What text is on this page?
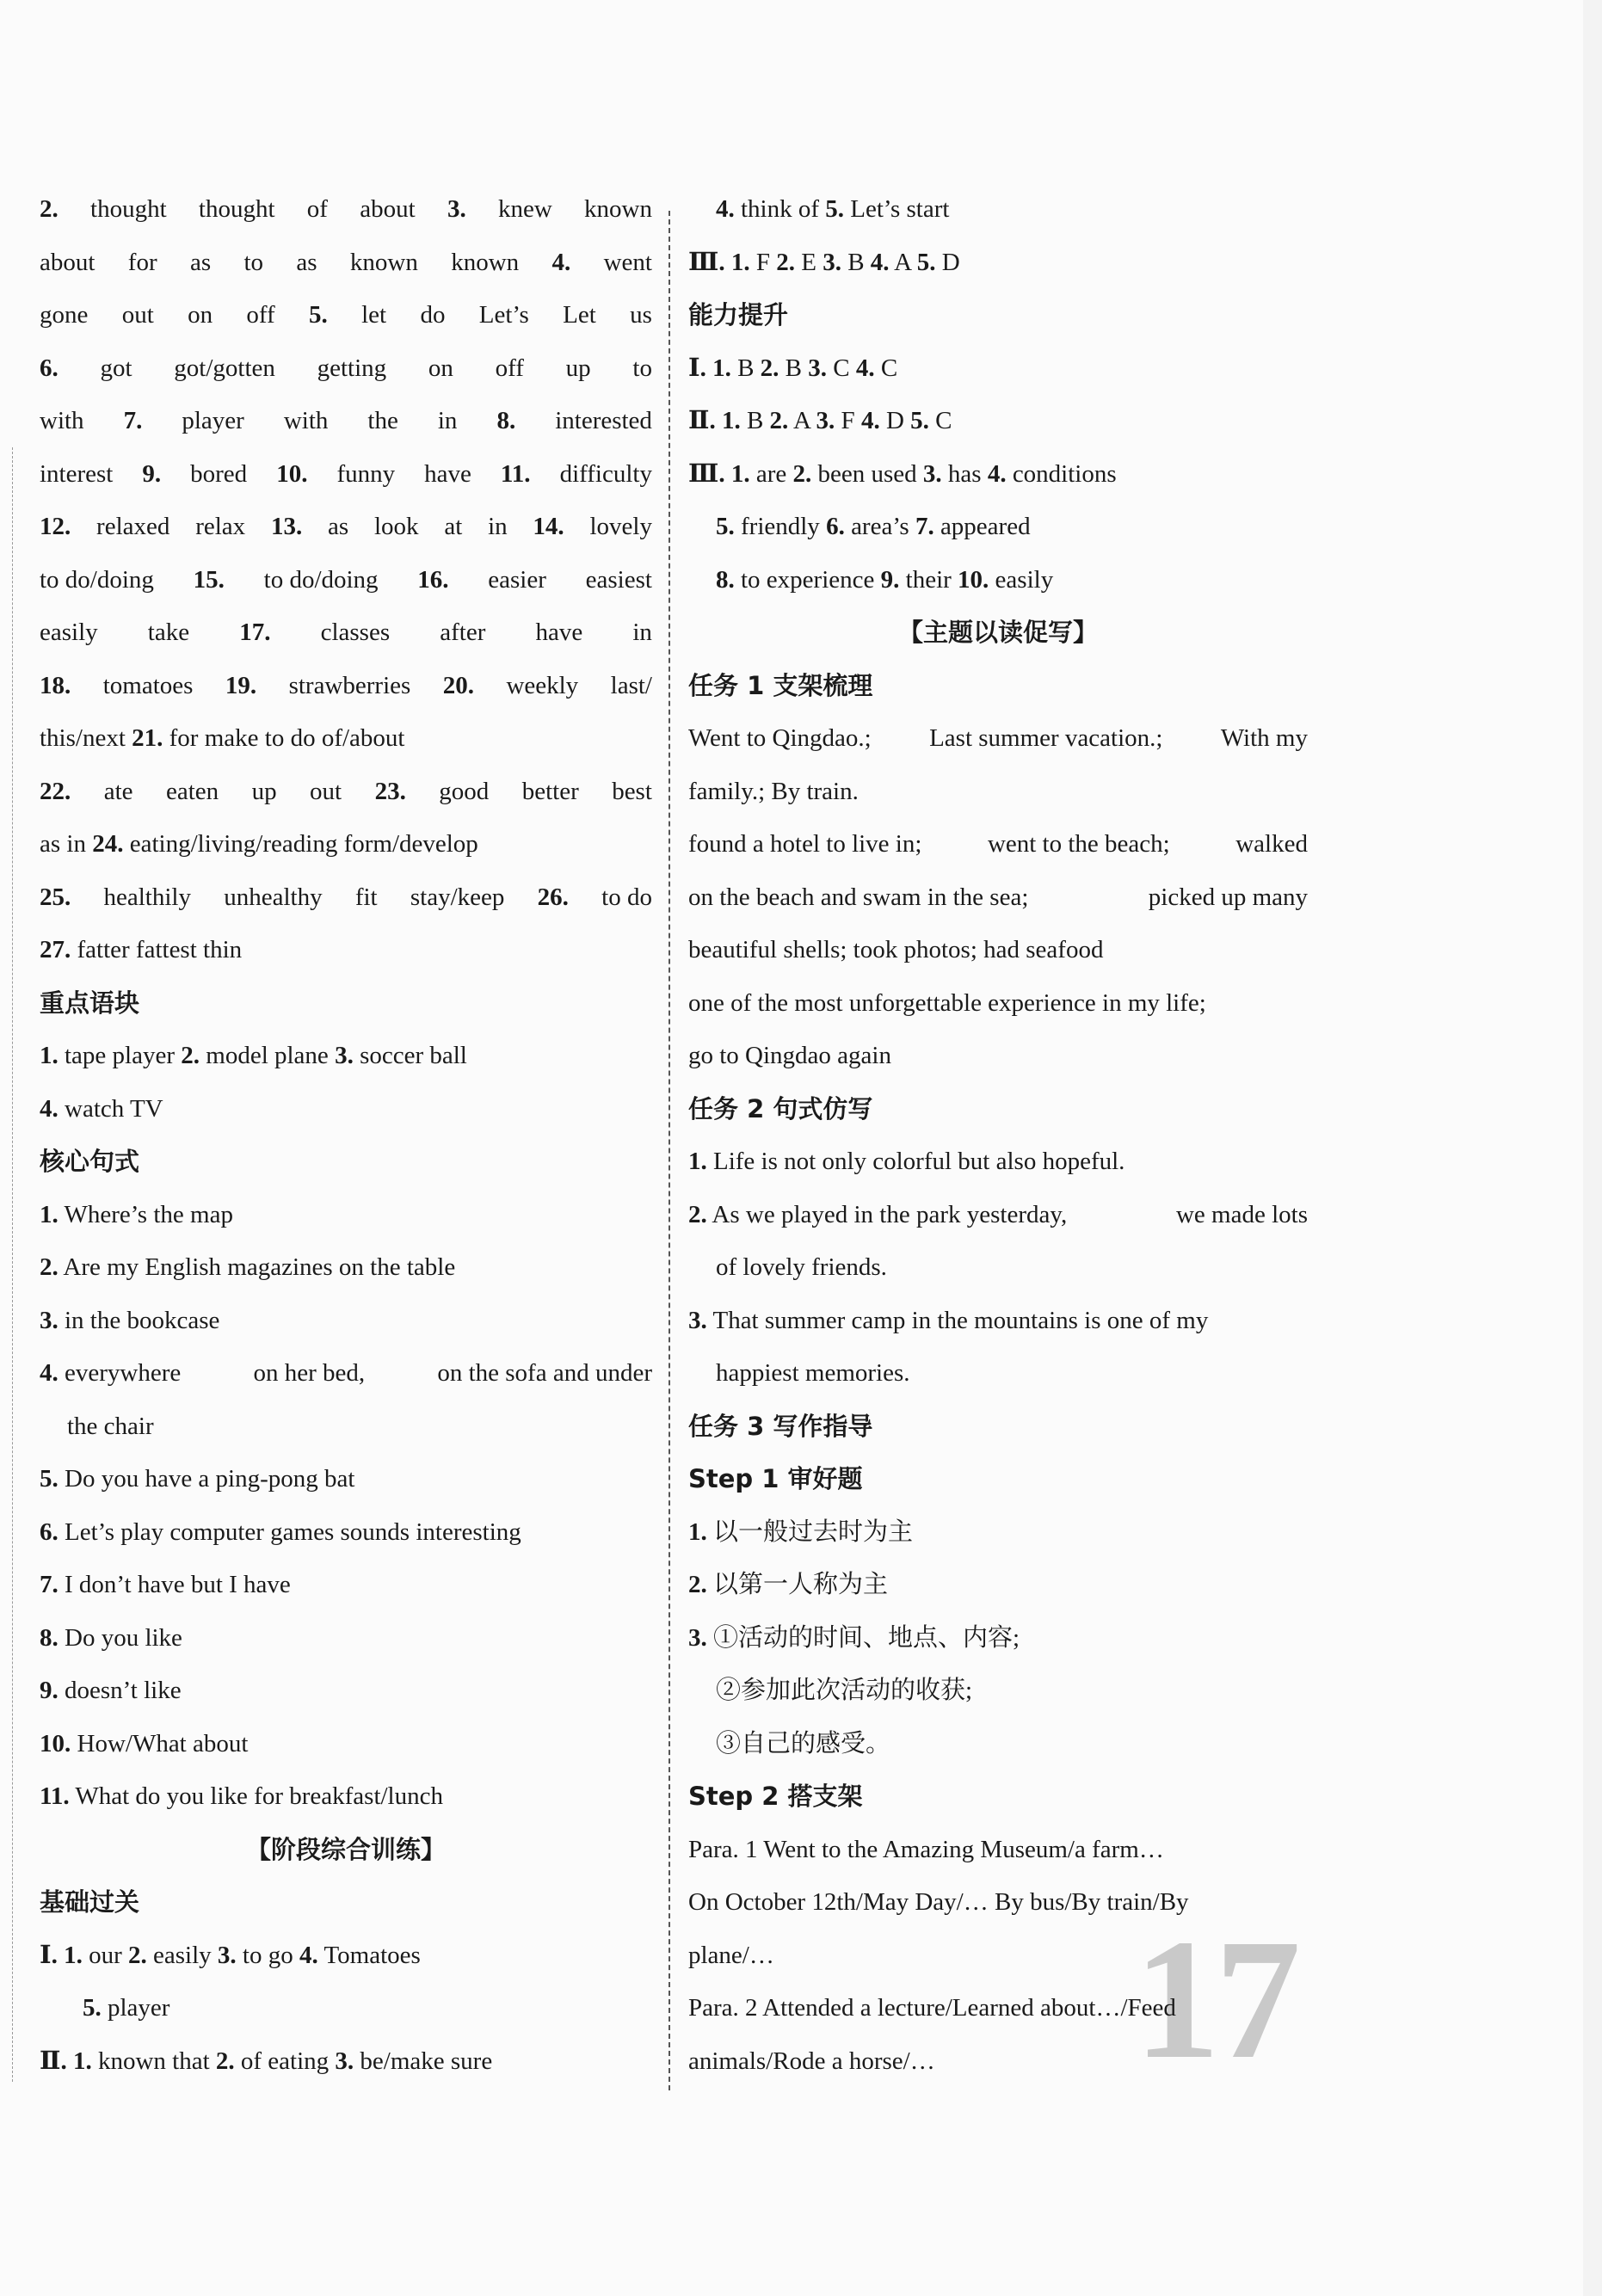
2. thought thought of about 3. knew known
about for as to as known known 4. went
gone out on off 5. let do Let’s Let us
6. got got/gotten getting on off up to
with 7. player with the in 8. interested
interest 9. bored 10. funny have 11. difficulty
12. relaxed relax 13. as look at in 14. lovely
to do/doing 15. to do/doing 16. easier easiest
easily take 17. classes after have in
18. tomatoes 19. strawberries 20. weekly last/
this/next 21. for make to do of/about
22. ate eaten up out 23. good better best
as in 24. eating/living/reading form/develop
25. healthily unhealthy fit stay/keep 26. to do
27. fatter fattest thin
重点语块
1. tape player 2. model plane 3. soccer ball
4. watch TV
核心句式
1. Where’s the map
2. Are my English magazines on the table
3. in the bookcase
4. everywhere	on her bed,	on the sofa and under
the chair
5. Do you have a ping-pong bat
6. Let’s play computer games sounds interesting
7. I don’t have but I have
8. Do you like
9. doesn’t like
10. How/What about
11. What do you like for breakfast/lunch
【阶段综合训练】
基础过关
Ⅰ. 1. our 2. easily 3. to go 4. Tomatoes
5. player
Ⅱ. 1. known that 2. of eating 3. be/make sure
4. think of 5. Let’s start
Ⅲ. 1. F 2. E 3. B 4. A 5. D
能力提升
Ⅰ. 1. B 2. B 3. C 4. C
Ⅱ. 1. B 2. A 3. F 4. D 5. C
Ⅲ. 1. are 2. been used 3. has 4. conditions
5. friendly 6. area’s 7. appeared
8. to experience 9. their 10. easily
【主题以读促写】
任务 1 支架梳理
Went to Qingdao.; Last summer vacation.; With my
family.; By train.
found a hotel to live in;	went to the beach;	walked
on the beach and swam in the sea;	picked up many
beautiful shells; took photos; had seafood
one of the most unforgettable experience in my life;
go to Qingdao again
任务 2 句式仿写
1. Life is not only colorful but also hopeful.
2. As we played in the park yesterday,	we made lots
of lovely friends.
3. That summer camp in the mountains is one of my
happiest memories.
任务 3 写作指导
Step 1 审好题
1. 以一般过去时为主
2. 以第一人称为主
3. ①活动的时间、地点、内容;
②参加此次活动的收获;
③自己的感受。
Step 2 搭支架
Para. 1 Went to the Amazing Museum/a farm…
On October 12th/May Day/… By bus/By train/By
plane/…
Para. 2 Attended a lecture/Learned about…/Feed
animals/Rode a horse/…	17
